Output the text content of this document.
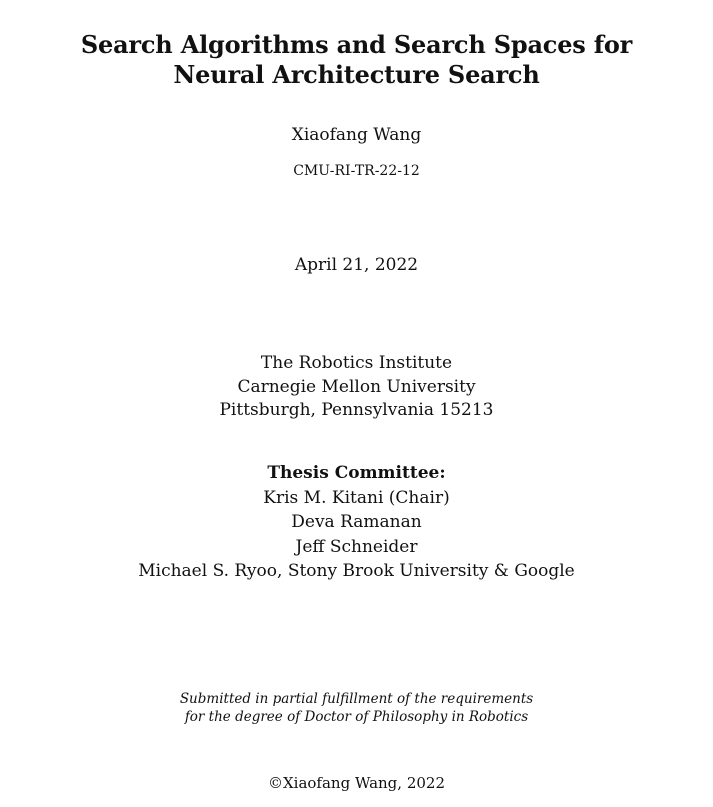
Search Algorithms and Search Spaces for
Neural Architecture Search
Xiaofang Wang
CMU-RI-TR-22-12
April 21, 2022
The Robotics Institute
Carnegie Mellon University
Pittsburgh, Pennsylvania 15213
Thesis Committee:
Kris M. Kitani (Chair)
Deva Ramanan
Jeff Schneider
Michael S. Ryoo, Stony Brook University & Google
Submitted in partial fulfillment of the requirements
for the degree of Doctor of Philosophy in Robotics
©Xiaofang Wang, 2022
